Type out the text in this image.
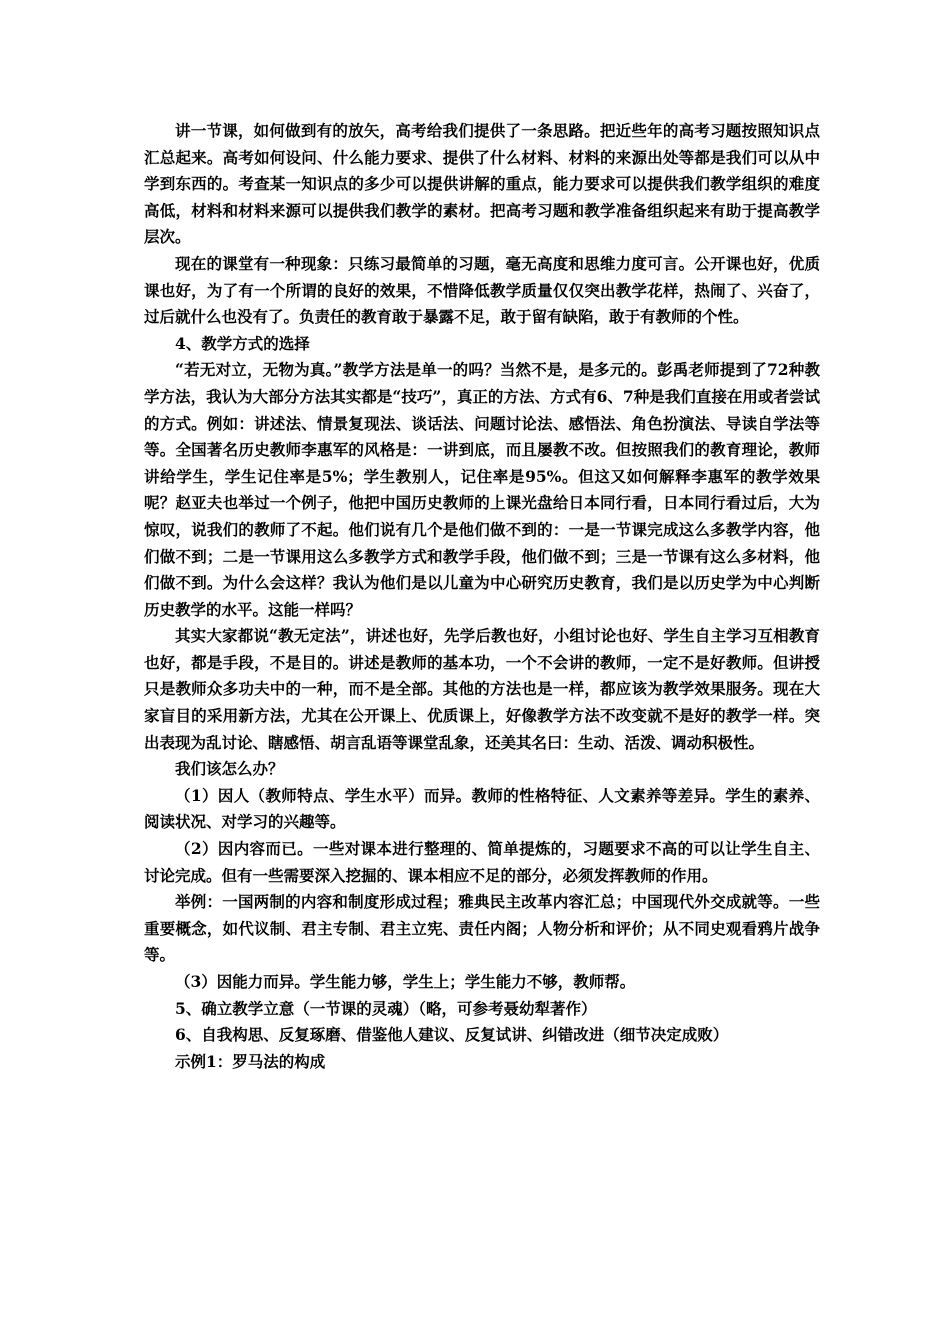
讲一节课，如何做到有的放矢，高考给我们提供了一条思路。把近些年的高考习题按照知识点汇总起来。高考如何设问、什么能力要求、提供了什么材料、材料的来源出处等都是我们可以从中学到东西的。考查某一知识点的多少可以提供讲解的重点，能力要求可以提供我们教学组织的难度高低，材料和材料来源可以提供我们教学的素材。把高考习题和教学准备组织起来有助于提高教学层次。

现在的课堂有一种现象：只练习最简单的习题，毫无高度和思维力度可言。公开课也好，优质课也好，为了有一个所谓的良好的效果，不惜降低教学质量仅仅突出教学花样，热闹了、兴奋了，过后就什么也没有了。负责任的教育敢于暴露不足，敢于留有缺陷，敢于有教师的个性。

4、教学方式的选择

“若无对立，无物为真。”教学方法是单一的吗？当然不是，是多元的。彭禹老师提到了72种教学方法，我认为大部分方法其实都是“技巧”，真正的方法、方式有6、7种是我们直接在用或者尝试的方式。例如：讲述法、情景复现法、谈话法、问题讨论法、感悟法、角色扮演法、导读自学法等等。全国著名历史教师李惠军的风格是：一讲到底，而且屡教不改。但按照我们的教育理论，教师讲给学生，学生记住率是5%；学生教别人，记住率是95%。但这又如何解释李惠军的教学效果呢？赵亚夫也举过一个例子，他把中国历史教师的上课光盘给日本同行看，日本同行看过后，大为惊叹，说我们的教师了不起。他们说有几个是他们做不到的：一是一节课完成这么多教学内容，他们做不到；二是一节课用这么多教学方式和教学手段，他们做不到；三是一节课有这么多材料，他们做不到。为什么会这样？我认为他们是以儿童为中心研究历史教育，我们是以历史学为中心判断历史教学的水平。这能一样吗？

其实大家都说“教无定法”，讲述也好，先学后教也好，小组讨论也好、学生自主学习互相教育也好，都是手段，不是目的。讲述是教师的基本功，一个不会讲的教师，一定不是好教师。但讲授只是教师众多功夫中的一种，而不是全部。其他的方法也是一样，都应该为教学效果服务。现在大家盲目的采用新方法，尤其在公开课上、优质课上，好像教学方法不改变就不是好的教学一样。突出表现为乱讨论、瞎感悟、胡言乱语等课堂乱象，还美其名曰：生动、活泼、调动积极性。

我们该怎么办？

（1）因人（教师特点、学生水平）而异。教师的性格特征、人文素养等差异。学生的素养、阅读状况、对学习的兴趣等。

（2）因内容而已。一些对课本进行整理的、简单提炼的，习题要求不高的可以让学生自主、讨论完成。但有一些需要深入挖掘的、课本相应不足的部分，必须发挥教师的作用。

举例：一国两制的内容和制度形成过程；雅典民主改革内容汇总；中国现代外交成就等。一些重要概念，如代议制、君主专制、君主立宪、责任内阁；人物分析和评价；从不同史观看鸦片战争等。

（3）因能力而异。学生能力够，学生上；学生能力不够，教师帮。

5、确立教学立意（一节课的灵魂）（略，可参考聂幼犁著作）

6、自我构思、反复琢磨、借鉴他人建议、反复试讲、纠错改进（细节决定成败）

示例1：罗马法的构成
